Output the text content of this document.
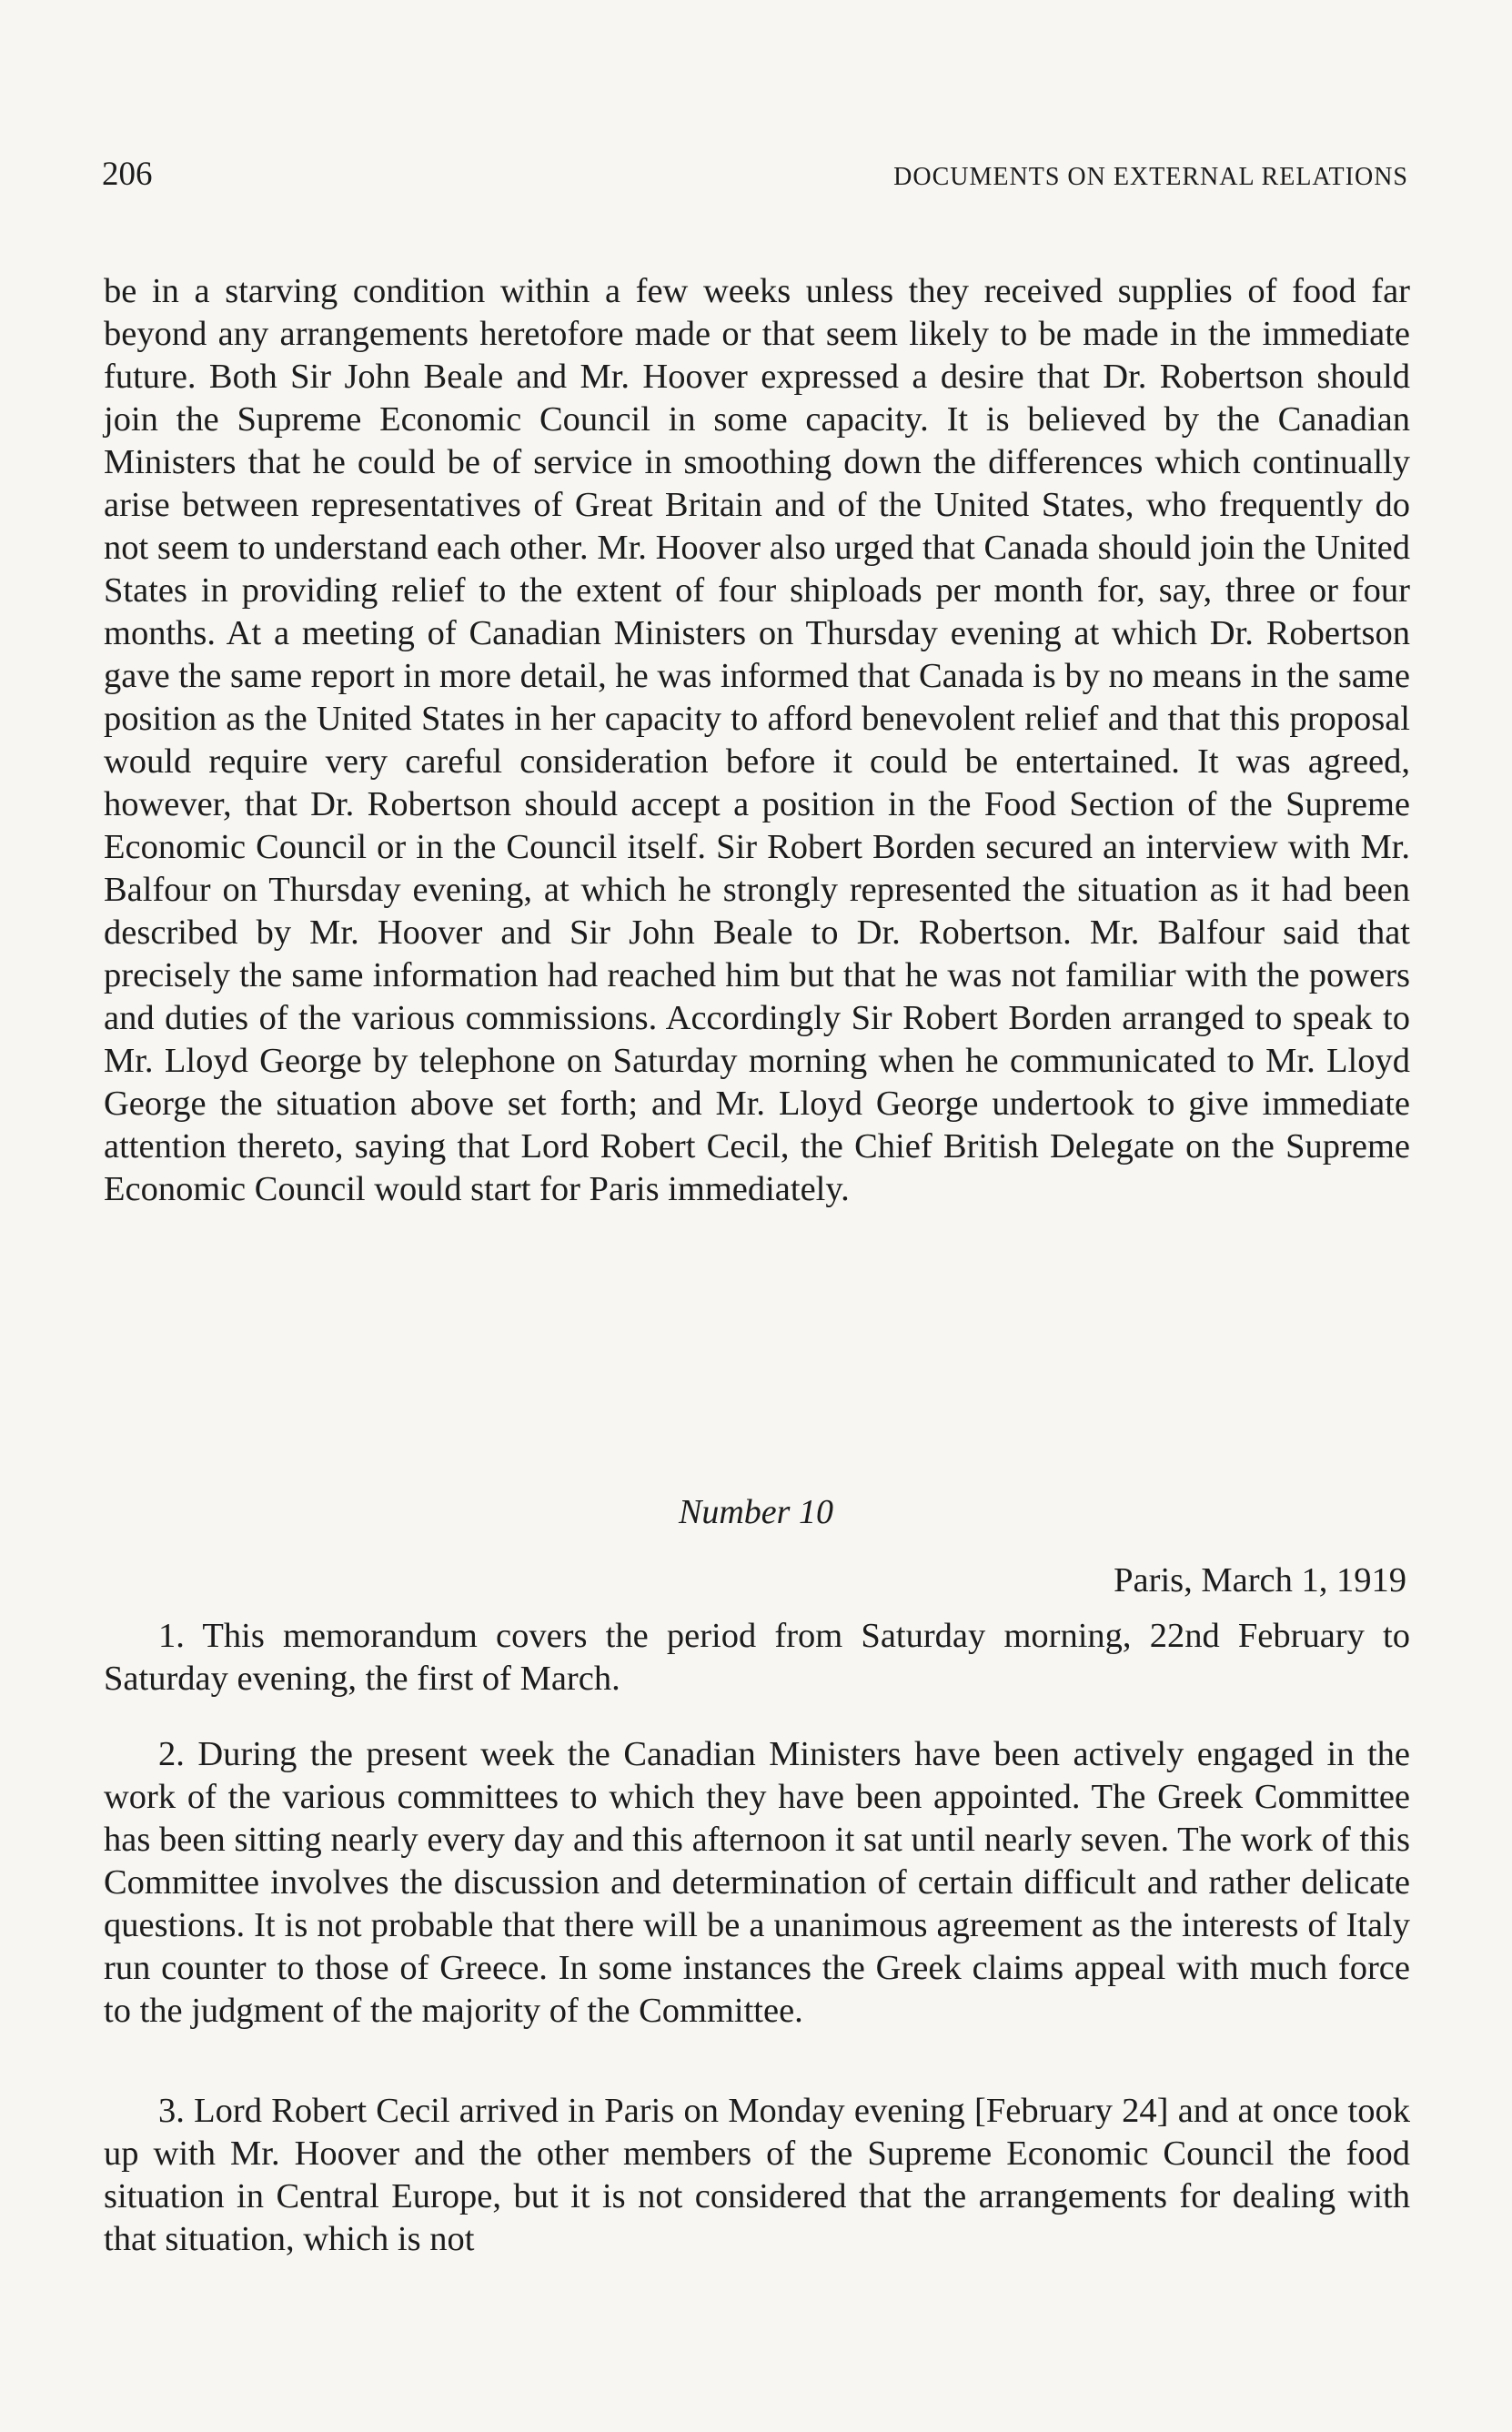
206	DOCUMENTS ON EXTERNAL RELATIONS

be in a starving condition within a few weeks unless they received supplies of food far beyond any arrangements heretofore made or that seem likely to be made in the immediate future. Both Sir John Beale and Mr. Hoover expressed a desire that Dr. Robertson should join the Supreme Economic Council in some capacity. It is believed by the Canadian Ministers that he could be of service in smoothing down the differences which continually arise between representatives of Great Britain and of the United States, who frequently do not seem to understand each other. Mr. Hoover also urged that Canada should join the United States in providing relief to the extent of four shiploads per month for, say, three or four months. At a meeting of Canadian Ministers on Thursday evening at which Dr. Robertson gave the same report in more detail, he was informed that Canada is by no means in the same position as the United States in her capacity to afford benevolent relief and that this proposal would require very careful consideration before it could be entertained. It was agreed, however, that Dr. Robertson should accept a position in the Food Section of the Supreme Economic Council or in the Council itself. Sir Robert Borden secured an interview with Mr. Balfour on Thursday evening, at which he strongly represented the situation as it had been described by Mr. Hoover and Sir John Beale to Dr. Robertson. Mr. Balfour said that precisely the same information had reached him but that he was not familiar with the powers and duties of the various commissions. Accordingly Sir Robert Borden arranged to speak to Mr. Lloyd George by telephone on Saturday morning when he communicated to Mr. Lloyd George the situation above set forth; and Mr. Lloyd George undertook to give immediate attention thereto, saying that Lord Robert Cecil, the Chief British Delegate on the Supreme Economic Council would start for Paris immediately.

Number 10
Paris, March 1, 1919

1. This memorandum covers the period from Saturday morning, 22nd February to Saturday evening, the first of March.

2. During the present week the Canadian Ministers have been actively engaged in the work of the various committees to which they have been appointed. The Greek Committee has been sitting nearly every day and this afternoon it sat until nearly seven. The work of this Committee involves the discussion and determination of certain difficult and rather delicate questions. It is not probable that there will be a unanimous agreement as the interests of Italy run counter to those of Greece. In some instances the Greek claims appeal with much force to the judgment of the majority of the Committee.

3. Lord Robert Cecil arrived in Paris on Monday evening [February 24] and at once took up with Mr. Hoover and the other members of the Supreme Economic Council the food situation in Central Europe, but it is not considered that the arrangements for dealing with that situation, which is not
